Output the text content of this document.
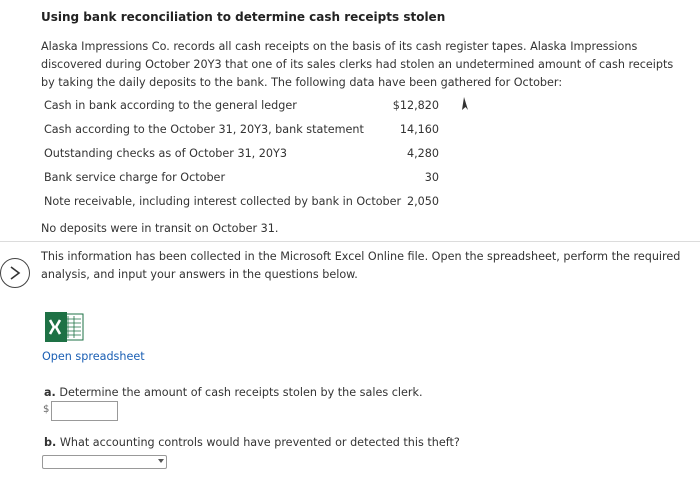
Using bank reconciliation to determine cash receipts stolen
Alaska Impressions Co. records all cash receipts on the basis of its cash register tapes. Alaska Impressions discovered during October 20Y3 that one of its sales clerks had stolen an undetermined amount of cash receipts by taking the daily deposits to the bank. The following data have been gathered for October:
Cash in bank according to the general ledger	$12,820
Cash according to the October 31, 20Y3, bank statement	14,160
Outstanding checks as of October 31, 20Y3	4,280
Bank service charge for October	30
Note receivable, including interest collected by bank in October 2,050
No deposits were in transit on October 31.
This information has been collected in the Microsoft Excel Online file. Open the spreadsheet, perform the required analysis, and input your answers in the questions below.
Open spreadsheet
a. Determine the amount of cash receipts stolen by the sales clerk.
$
b. What accounting controls would have prevented or detected this theft?
